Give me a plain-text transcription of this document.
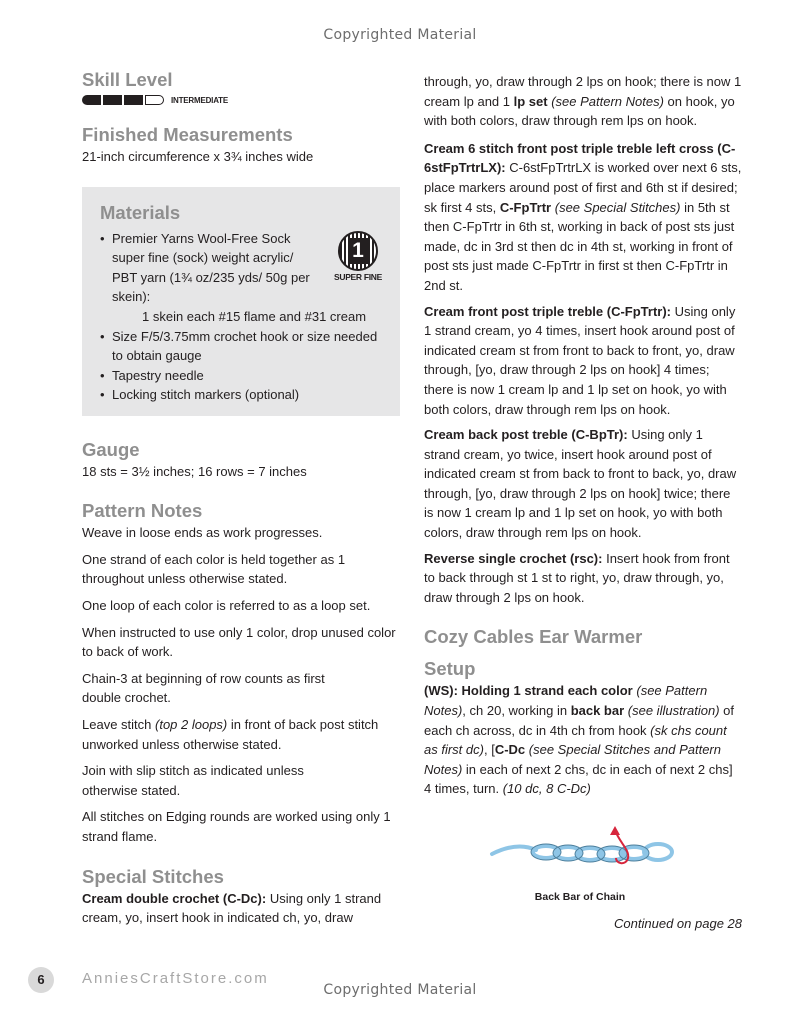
Copyrighted Material
Skill Level
INTERMEDIATE
Finished Measurements
21-inch circumference x 3¾ inches wide
Materials
1
SUPER FINE
• Premier Yarns Wool-Free Sock super fine (sock) weight acrylic/ PBT yarn (1¾ oz/235 yds/ 50g per skein):
1 skein each #15 flame and #31 cream
• Size F/5/3.75mm crochet hook or size needed to obtain gauge
• Tapestry needle
• Locking stitch markers (optional)
Gauge
18 sts = 3½ inches; 16 rows = 7 inches
Pattern Notes
Weave in loose ends as work progresses.
One strand of each color is held together as 1 throughout unless otherwise stated.
One loop of each color is referred to as a loop set.
When instructed to use only 1 color, drop unused color to back of work.
Chain-3 at beginning of row counts as first double crochet.
Leave stitch (top 2 loops) in front of back post stitch unworked unless otherwise stated.
Join with slip stitch as indicated unless otherwise stated.
All stitches on Edging rounds are worked using only 1 strand flame.
Special Stitches
Cream double crochet (C-Dc): Using only 1 strand cream, yo, insert hook in indicated ch, yo, draw
through, yo, draw through 2 lps on hook; there is now 1 cream lp and 1 lp set (see Pattern Notes) on hook, yo with both colors, draw through rem lps on hook.
Cream 6 stitch front post triple treble left cross (C-6stFpTrtrLX): C-6stFpTrtrLX is worked over next 6 sts, place markers around post of first and 6th st if desired; sk first 4 sts, C-FpTrtr (see Special Stitches) in 5th st then C-FpTrtr in 6th st, working in back of post sts just made, dc in 3rd st then dc in 4th st, working in front of post sts just made C-FpTrtr in first st then C-FpTrtr in 2nd st.
Cream front post triple treble (C-FpTrtr): Using only 1 strand cream, yo 4 times, insert hook around post of indicated cream st from front to back to front, yo, draw through, [yo, draw through 2 lps on hook] 4 times; there is now 1 cream lp and 1 lp set on hook, yo with both colors, draw through rem lps on hook.
Cream back post treble (C-BpTr): Using only 1 strand cream, yo twice, insert hook around post of indicated cream st from back to front to back, yo, draw through, [yo, draw through 2 lps on hook] twice; there is now 1 cream lp and 1 lp set on hook, yo with both colors, draw through rem lps on hook.
Reverse single crochet (rsc): Insert hook from front to back through st 1 st to right, yo, draw through, yo, draw through 2 lps on hook.
Cozy Cables Ear Warmer
Setup
(WS): Holding 1 strand each color (see Pattern Notes), ch 20, working in back bar (see illustration) of each ch across, dc in 4th ch from hook (sk chs count as first dc), [C-Dc (see Special Stitches and Pattern Notes) in each of next 2 chs, dc in each of next 2 chs] 4 times, turn. (10 dc, 8 C-Dc)
Back Bar of Chain
Continued on page 28
6	AnniesCraftStore.com
Copyrighted Material
